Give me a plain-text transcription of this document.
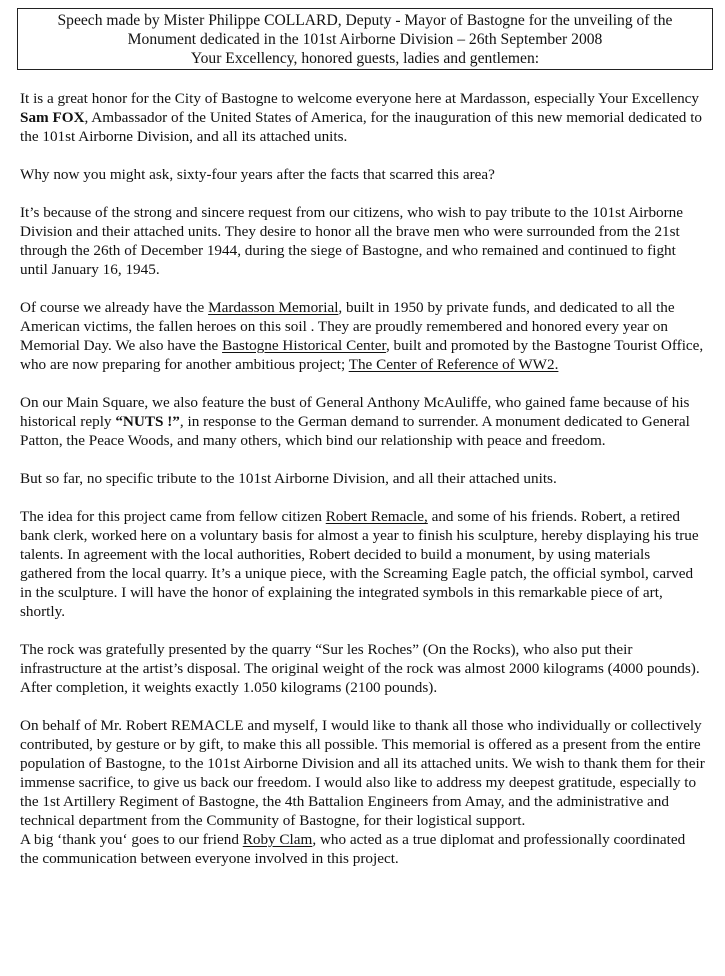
Speech made by Mister Philippe COLLARD, Deputy - Mayor of Bastogne for the unveiling of the
Monument dedicated in the 101st Airborne Division – 26th September 2008
Your Excellency, honored guests, ladies and gentlemen:

It is a great honor for the City of Bastogne to welcome everyone here at Mardasson, especially Your Excellency Sam FOX, Ambassador of the United States of America, for the inauguration of this new memorial dedicated to the 101st Airborne Division, and all its attached units.

Why now you might ask, sixty-four years after the facts that scarred this area?

It’s because of the strong and sincere request from our citizens, who wish to pay tribute to the 101st Airborne Division and their attached units. They desire to honor all the brave men who were surrounded from the 21st through the 26th of December 1944, during the siege of Bastogne, and who remained and continued to fight until January 16, 1945.

Of course we already have the Mardasson Memorial, built in 1950 by private funds, and dedicated to all the American victims, the fallen heroes on this soil . They are proudly remembered and honored every year on Memorial Day. We also have the Bastogne Historical Center, built and promoted by the Bastogne Tourist Office, who are now preparing for another ambitious project; The Center of Reference of WW2.

On our Main Square, we also feature the bust of General Anthony McAuliffe, who gained fame because of his historical reply “NUTS !”, in response to the German demand to surrender. A monument dedicated to General Patton, the Peace Woods, and many others, which bind our relationship with peace and freedom.

But so far, no specific tribute to the 101st Airborne Division, and all their attached units.

The idea for this project came from fellow citizen Robert Remacle, and some of his friends. Robert, a retired bank clerk, worked here on a voluntary basis for almost a year to finish his sculpture, hereby displaying his true talents. In agreement with the local authorities, Robert decided to build a monument, by using materials gathered from the local quarry. It’s a unique piece, with the Screaming Eagle patch, the official symbol, carved in the sculpture. I will have the honor of explaining the integrated symbols in this remarkable piece of art, shortly.

The rock was gratefully presented by the quarry “Sur les Roches” (On the Rocks), who also put their infrastructure at the artist’s disposal. The original weight of the rock was almost 2000 kilograms (4000 pounds). After completion, it weights exactly 1.050 kilograms (2100 pounds).

On behalf of Mr. Robert REMACLE and myself, I would like to thank all those who individually or collectively contributed, by gesture or by gift, to make this all possible. This memorial is offered as a present from the entire population of Bastogne, to the 101st Airborne Division and all its attached units. We wish to thank them for their immense sacrifice, to give us back our freedom. I would also like to address my deepest gratitude, especially to the 1st Artillery Regiment of Bastogne, the 4th Battalion Engineers from Amay, and the administrative and technical department from the Community of Bastogne, for their logistical support.

A big ‘thank you‘ goes to our friend Roby Clam, who acted as a true diplomat and professionally coordinated the communication between everyone involved in this project.
